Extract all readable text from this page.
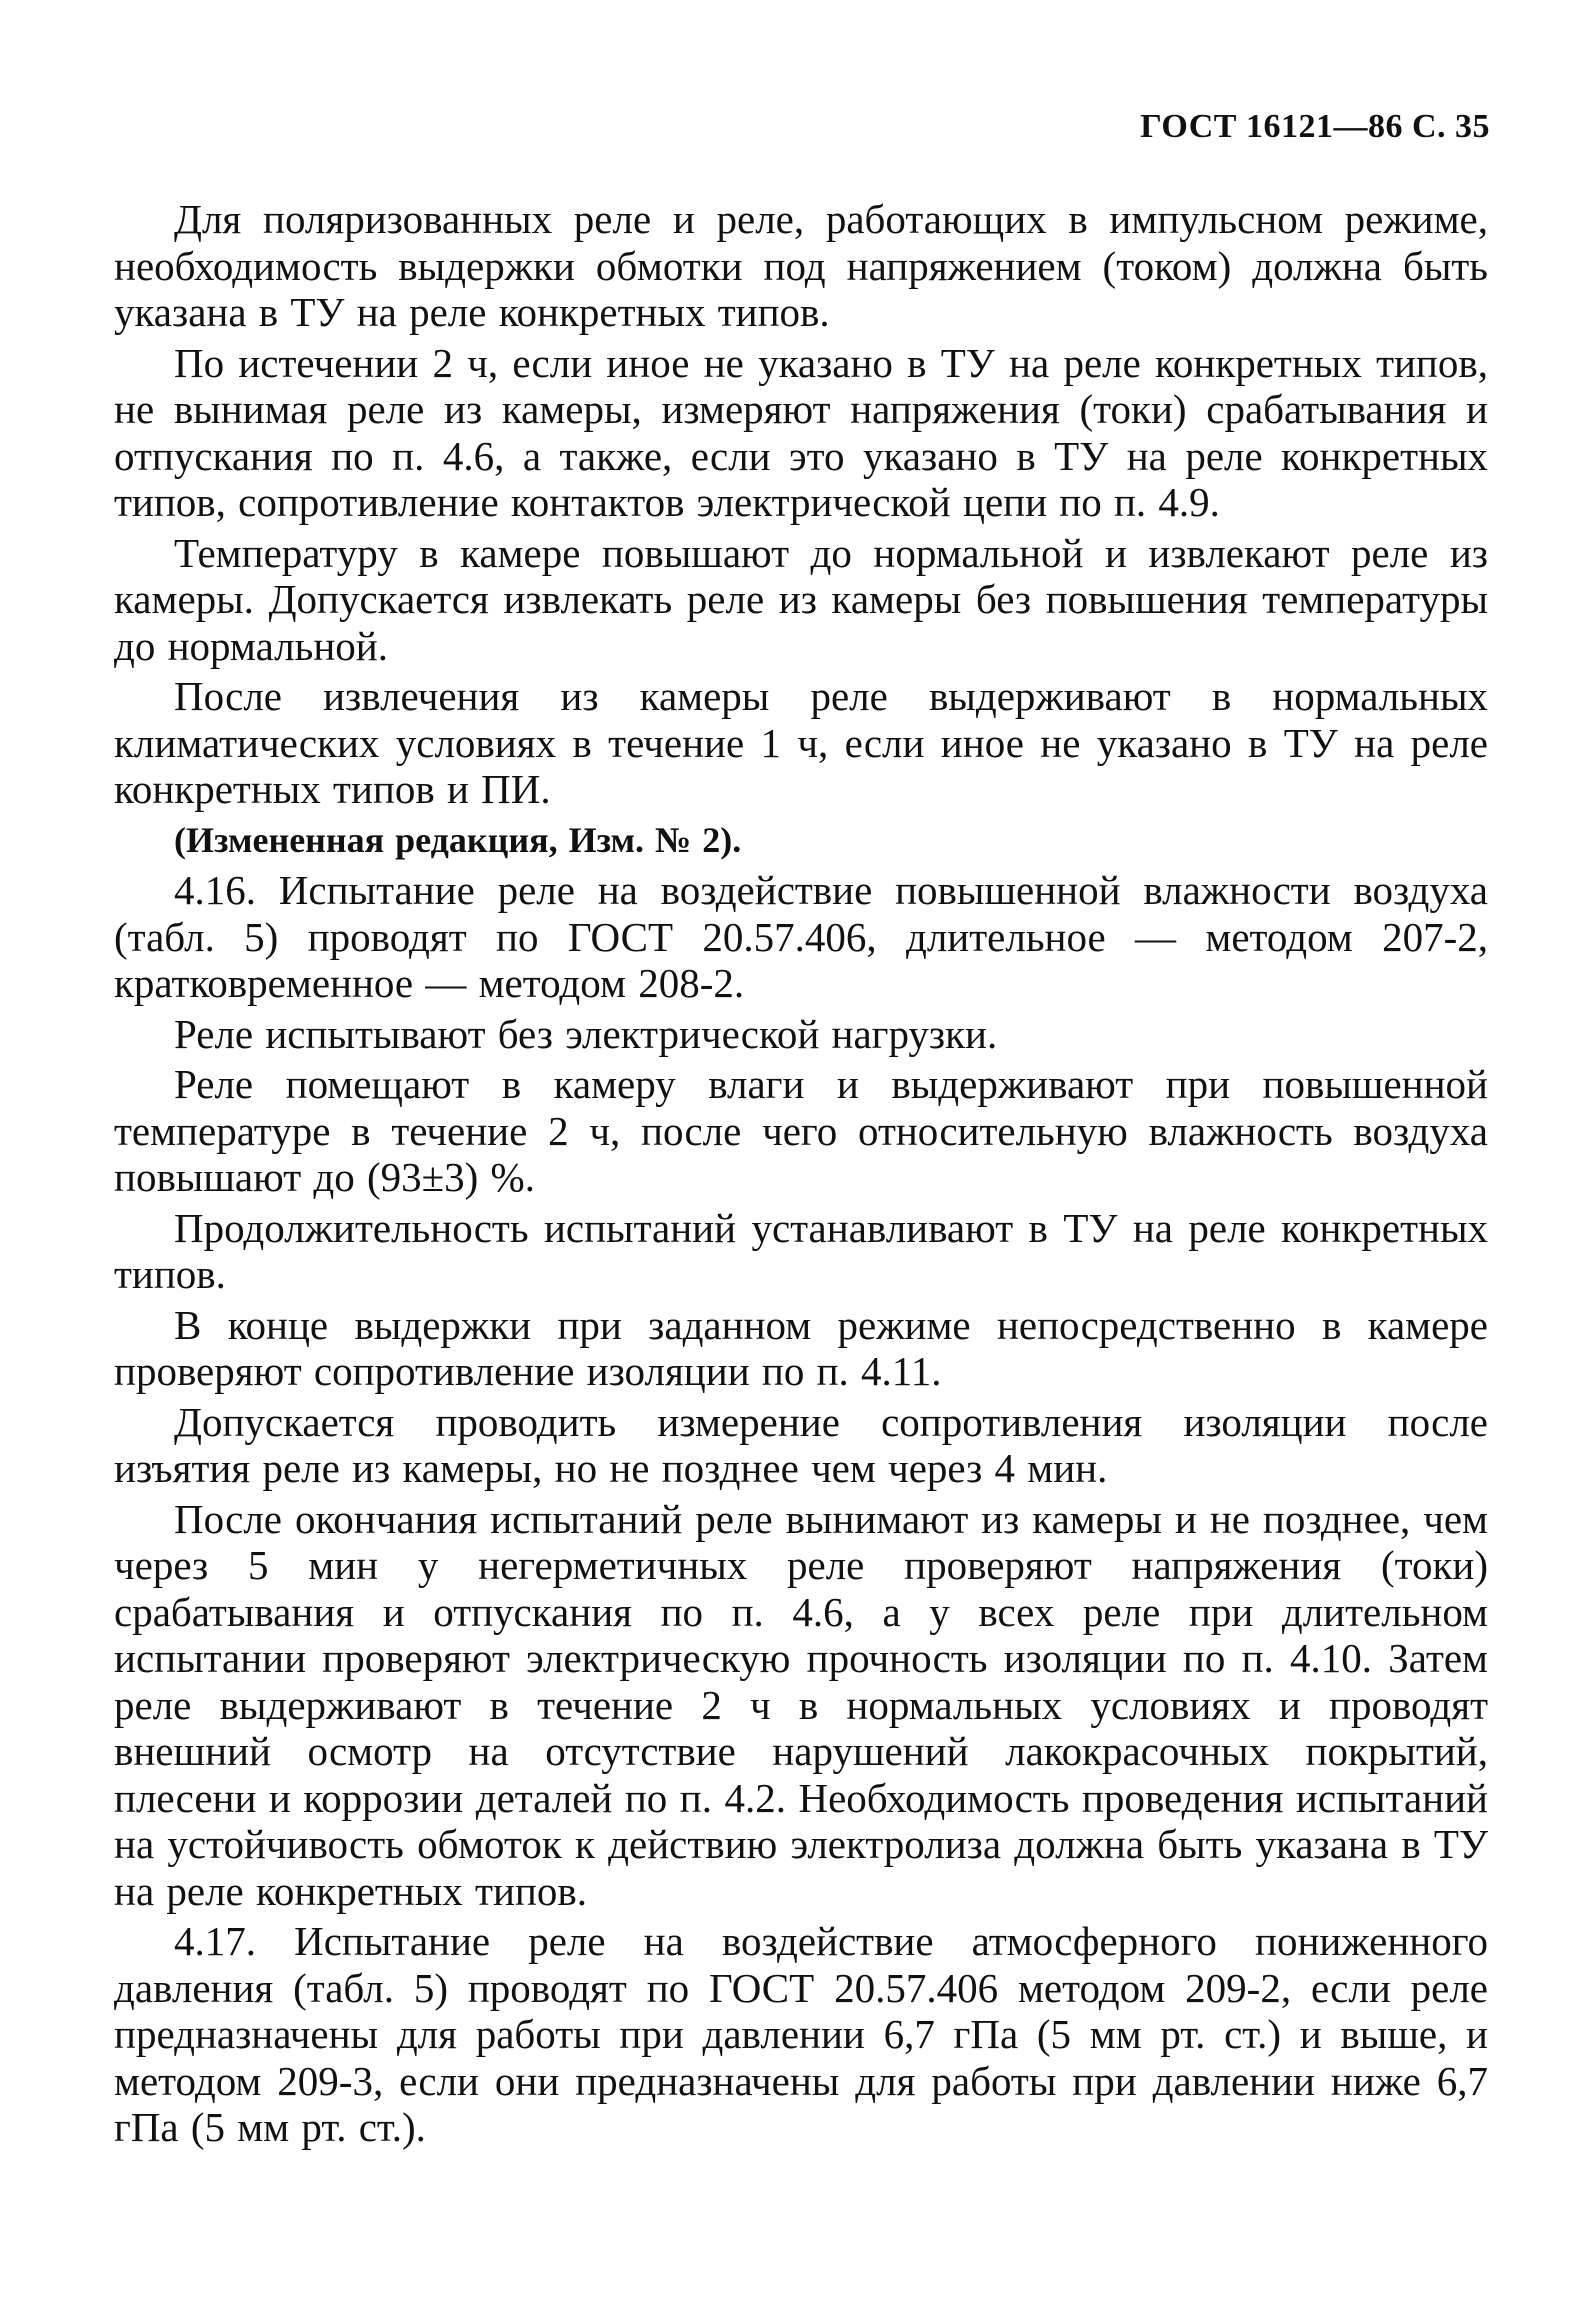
ГОСТ 16121—86 С. 35

Для поляризованных реле и реле, работающих в импульсном режиме, необходимость выдержки обмотки под напряжением (током) должна быть указана в ТУ на реле конкретных типов.

По истечении 2 ч, если иное не указано в ТУ на реле конкретных типов, не вынимая реле из камеры, измеряют напряжения (токи) срабатывания и отпускания по п. 4.6, а также, если это указано в ТУ на реле конкретных типов, сопротивление контактов электрической цепи по п. 4.9.

Температуру в камере повышают до нормальной и извлекают реле из камеры. Допускается извлекать реле из камеры без повышения температуры до нормальной.

После извлечения из камеры реле выдерживают в нормальных климатических условиях в течение 1 ч, если иное не указано в ТУ на реле конкретных типов и ПИ.

(Измененная редакция, Изм. № 2).

4.16. Испытание реле на воздействие повышенной влажности воздуха (табл. 5) проводят по ГОСТ 20.57.406, длительное — методом 207-2, кратковременное — методом 208-2.

Реле испытывают без электрической нагрузки.

Реле помещают в камеру влаги и выдерживают при повышенной температуре в течение 2 ч, после чего относительную влажность воздуха повышают до (93±3) %.

Продолжительность испытаний устанавливают в ТУ на реле конкретных типов.

В конце выдержки при заданном режиме непосредственно в камере проверяют сопротивление изоляции по п. 4.11.

Допускается проводить измерение сопротивления изоляции после изъятия реле из камеры, но не позднее чем через 4 мин.

После окончания испытаний реле вынимают из камеры и не позднее, чем через 5 мин у негерметичных реле проверяют напряжения (токи) срабатывания и отпускания по п. 4.6, а у всех реле при длительном испытании проверяют электрическую прочность изоляции по п. 4.10. Затем реле выдерживают в течение 2 ч в нормальных условиях и проводят внешний осмотр на отсутствие нарушений лакокрасочных покрытий, плесени и коррозии деталей по п. 4.2. Необходимость проведения испытаний на устойчивость обмоток к действию электролиза должна быть указана в ТУ на реле конкретных типов.

4.17. Испытание реле на воздействие атмосферного пониженного давления (табл. 5) проводят по ГОСТ 20.57.406 методом 209-2, если реле предназначены для работы при давлении 6,7 гПа (5 мм рт. ст.) и выше, и методом 209-3, если они предназначены для работы при давлении ниже 6,7 гПа (5 мм рт. ст.).
